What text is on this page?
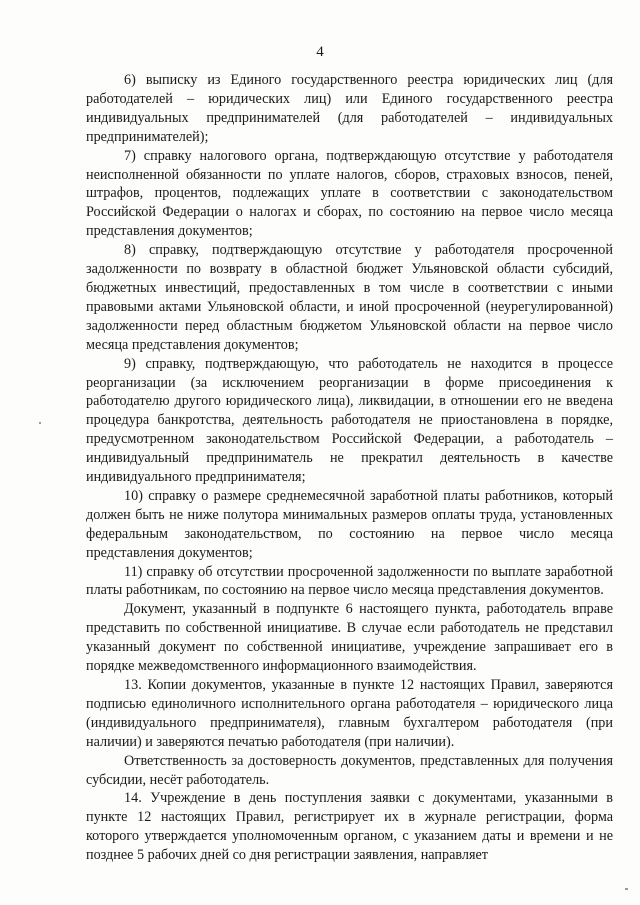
4

6) выписку из Единого государственного реестра юридических лиц (для работодателей – юридических лиц) или Единого государственного реестра индивидуальных предпринимателей (для работодателей – индивидуальных предпринимателей);

7) справку налогового органа, подтверждающую отсутствие у работодателя неисполненной обязанности по уплате налогов, сборов, страховых взносов, пеней, штрафов, процентов, подлежащих уплате в соответствии с законодательством Российской Федерации о налогах и сборах, по состоянию на первое число месяца представления документов;

8) справку, подтверждающую отсутствие у работодателя просроченной задолженности по возврату в областной бюджет Ульяновской области субсидий, бюджетных инвестиций, предоставленных в том числе в соответствии с иными правовыми актами Ульяновской области, и иной просроченной (неурегулированной) задолженности перед областным бюджетом Ульяновской области на первое число месяца представления документов;

9) справку, подтверждающую, что работодатель не находится в процессе реорганизации (за исключением реорганизации в форме присоединения к работодателю другого юридического лица), ликвидации, в отношении его не введена процедура банкротства, деятельность работодателя не приостановлена в порядке, предусмотренном законодательством Российской Федерации, а работодатель – индивидуальный предприниматель не прекратил деятельность в качестве индивидуального предпринимателя;

10) справку о размере среднемесячной заработной платы работников, который должен быть не ниже полутора минимальных размеров оплаты труда, установленных федеральным законодательством, по состоянию на первое число месяца представления документов;

11) справку об отсутствии просроченной задолженности по выплате заработной платы работникам, по состоянию на первое число месяца представления документов.

Документ, указанный в подпункте 6 настоящего пункта, работодатель вправе представить по собственной инициативе. В случае если работодатель не представил указанный документ по собственной инициативе, учреждение запрашивает его в порядке межведомственного информационного взаимодействия.

13. Копии документов, указанные в пункте 12 настоящих Правил, заверяются подписью единоличного исполнительного органа работодателя – юридического лица (индивидуального предпринимателя), главным бухгалтером работодателя (при наличии) и заверяются печатью работодателя (при наличии).

Ответственность за достоверность документов, представленных для получения субсидии, несёт работодатель.

14. Учреждение в день поступления заявки с документами, указанными в пункте 12 настоящих Правил, регистрирует их в журнале регистрации, форма которого утверждается уполномоченным органом, с указанием даты и времени и не позднее 5 рабочих дней со дня регистрации заявления, направляет
